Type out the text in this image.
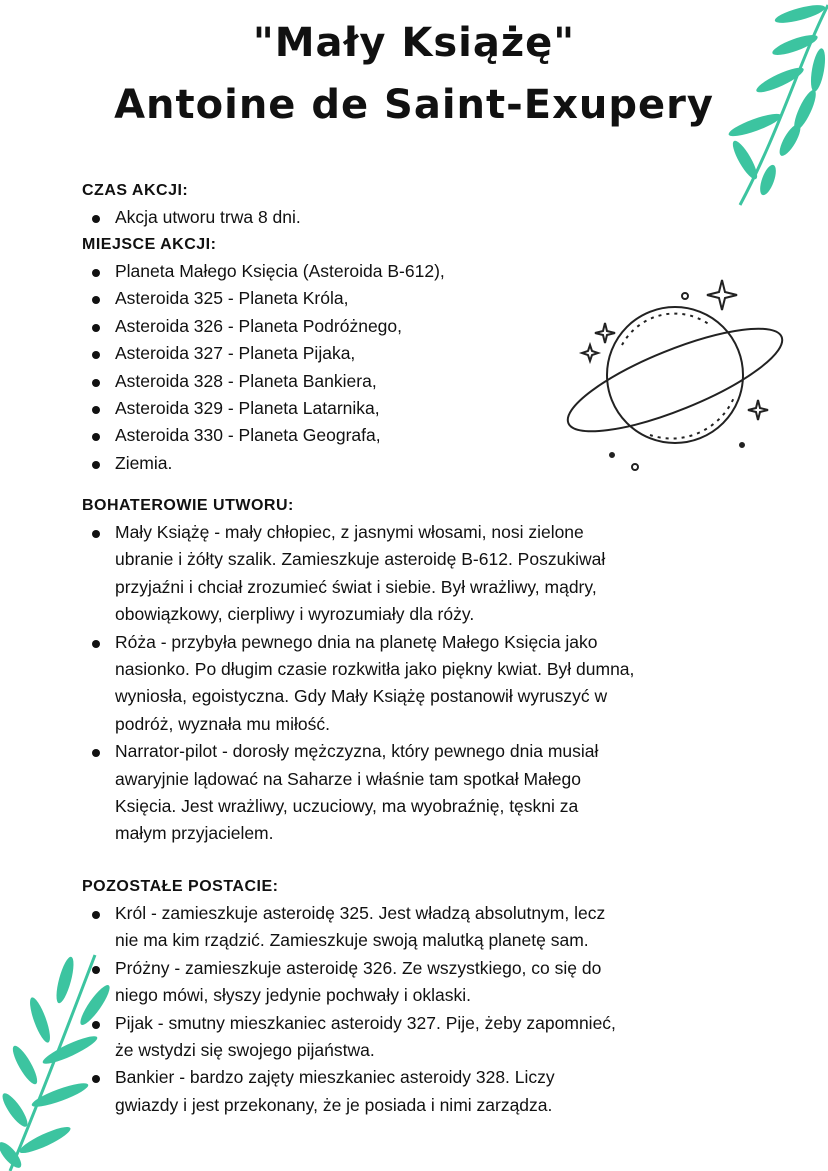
"Mały Książę"
Antoine de Saint-Exupery
CZAS AKCJI:
Akcja utworu trwa 8 dni.
MIEJSCE AKCJI:
Planeta Małego Księcia (Asteroida B-612),
Asteroida 325 - Planeta Króla,
Asteroida 326 - Planeta Podróżnego,
Asteroida 327 - Planeta Pijaka,
Asteroida 328 - Planeta Bankiera,
Asteroida 329 - Planeta Latarnika,
Asteroida 330 - Planeta Geografa,
Ziemia.
BOHATEROWIE UTWORU:
Mały Książę - mały chłopiec, z jasnymi włosami, nosi zielone
ubranie i żółty szalik. Zamieszkuje asteroidę B-612. Poszukiwał
przyjaźni i chciał zrozumieć świat i siebie. Był wrażliwy, mądry,
obowiązkowy, cierpliwy i wyrozumiały dla róży.
Róża - przybyła pewnego dnia na planetę Małego Księcia jako
nasionko. Po długim czasie rozkwitła jako piękny kwiat. Był dumna,
wyniosła, egoistyczna. Gdy Mały Książę postanowił wyruszyć w
podróż, wyznała mu miłość.
Narrator-pilot - dorosły mężczyzna, który pewnego dnia musiał
awaryjnie lądować na Saharze i właśnie tam spotkał Małego
Księcia. Jest wrażliwy, uczuciowy, ma wyobraźnię, tęskni za
małym przyjacielem.
POZOSTAŁE POSTACIE:
Król - zamieszkuje asteroidę 325. Jest władzą absolutnym, lecz
nie ma kim rządzić. Zamieszkuje swoją malutką planetę sam.
Próżny - zamieszkuje asteroidę 326. Ze wszystkiego, co się do
niego mówi, słyszy jedynie pochwały i oklaski.
Pijak - smutny mieszkaniec asteroidy 327. Pije, żeby zapomnieć,
że wstydzi się swojego pijaństwa.
Bankier - bardzo zajęty mieszkaniec asteroidy 328. Liczy
gwiazdy i jest przekonany, że je posiada i nimi zarządza.
